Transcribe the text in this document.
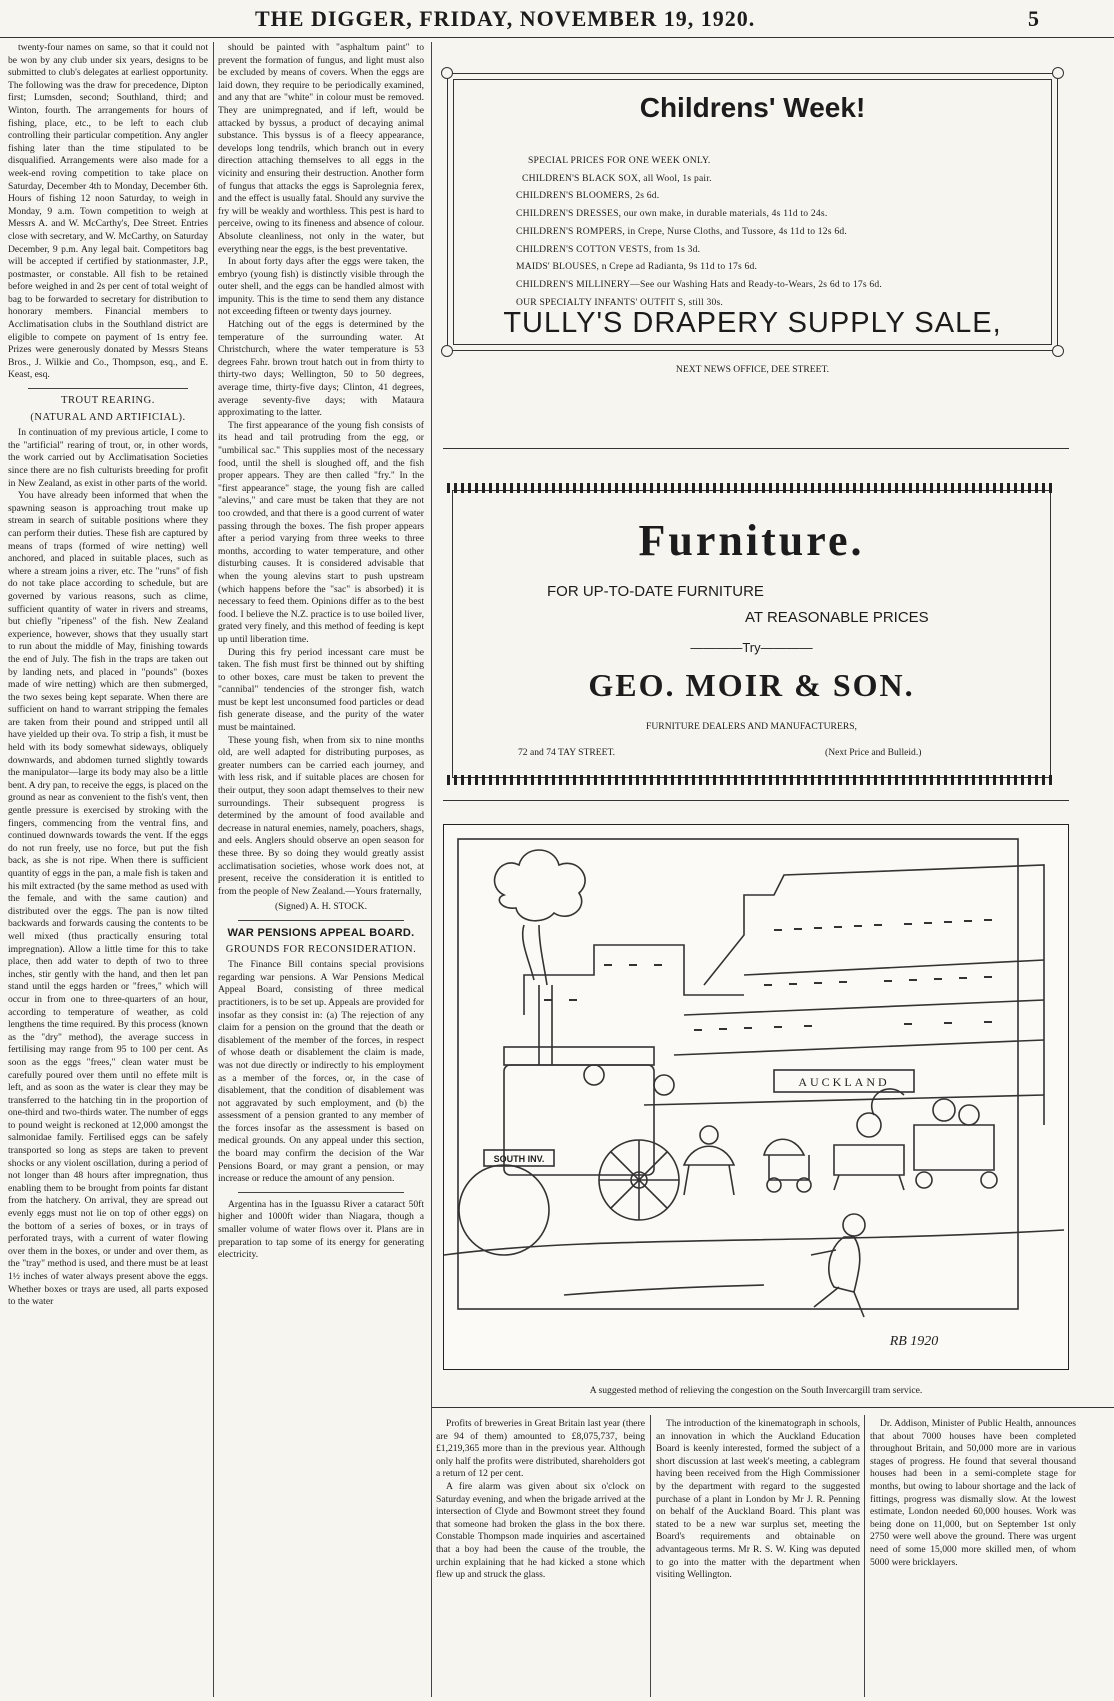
THE DIGGER, FRIDAY, NOVEMBER 19, 1920.	5

twenty-four names on same, so that it could not be won by any club under six years, designs to be submitted to club's delegates at earliest opportunity. The following was the draw for precedence, Dipton first; Lumsden, second; Southland, third; and Winton, fourth. The arrangements for hours of fishing, place, etc., to be left to each club controlling their particular competition. Any angler fishing later than the time stipulated to be disqualified. Arrangements were also made for a week-end roving competition to take place on Saturday, December 4th to Monday, December 6th. Hours of fishing 12 noon Saturday, to weigh in Monday, 9 a.m. Town competition to weigh at Messrs A. and W. McCarthy's, Dee Street. Entries close with secretary, and W. McCarthy, on Saturday December, 9 p.m. Any legal bait. Competitors bag will be accepted if certified by stationmaster, J.P., postmaster, or constable. All fish to be retained before weighed in and 2s per cent of total weight of bag to be forwarded to secretary for distribution to honorary members. Financial members to Acclimatisation clubs in the Southland district are eligible to compete on payment of 1s entry fee. Prizes were generously donated by Messrs Steans Bros., J. Wilkie and Co., Thompson, esq., and E. Keast, esq.

TROUT REARING.
(NATURAL AND ARTIFICIAL).

In continuation of my previous article, I come to the "artificial" rearing of trout, or, in other words, the work carried out by Acclimatisation Societies since there are no fish culturists breeding for profit in New Zealand, as exist in other parts of the world.

You have already been informed that when the spawning season is approaching trout make up stream in search of suitable positions where they can perform their duties. These fish are captured by means of traps (formed of wire netting) well anchored, and placed in suitable places, such as where a stream joins a river, etc. The "runs" of fish do not take place according to schedule, but are governed by various reasons, such as clime, sufficient quantity of water in rivers and streams, but chiefly "ripeness" of the fish. New Zealand experience, however, shows that they usually start to run about the middle of May, finishing towards the end of July. The fish in the traps are taken out by landing nets, and placed in "pounds" (boxes made of wire netting) which are then submerged, the two sexes being kept separate. When there are sufficient on hand to warrant stripping the females are taken from their pound and stripped until all have yielded up their ova. To strip a fish, it must be held with its body somewhat sideways, obliquely downwards, and abdomen turned slightly towards the manipulator—large its body may also be a little bent. A dry pan, to receive the eggs, is placed on the ground as near as convenient to the fish's vent, then gentle pressure is exercised by stroking with the fingers, commencing from the ventral fins, and continued downwards towards the vent. If the eggs do not run freely, use no force, but put the fish back, as she is not ripe. When there is sufficient quantity of eggs in the pan, a male fish is taken and his milt extracted (by the same method as used with the female, and with the same caution) and distributed over the eggs. The pan is now tilted backwards and forwards causing the contents to be well mixed (thus practically ensuring total impregnation). Allow a little time for this to take place, then add water to depth of two to three inches, stir gently with the hand, and then let pan stand until the eggs harden or "frees," which will occur in from one to three-quarters of an hour, according to temperature of weather, as cold lengthens the time required. By this process (known as the "dry" method), the average success in fertilising may range from 95 to 100 per cent. As soon as the eggs "frees," clean water must be carefully poured over them until no effete milt is left, and as soon as the water is clear they may be transferred to the hatching tin in the proportion of one-third and two-thirds water. The number of eggs to pound weight is reckoned at 12,000 amongst the salmonidae family. Fertilised eggs can be safely transported so long as steps are taken to prevent shocks or any violent oscillation, during a period of not longer than 48 hours after impregnation, thus enabling them to be brought from points far distant from the hatchery. On arrival, they are spread out evenly eggs must not lie on top of other eggs) on the bottom of a series of boxes, or in trays of perforated trays, with a current of water flowing over them in the boxes, or under and over them, as the "tray" method is used, and there must be at least 1½ inches of water always present above the eggs. Whether boxes or trays are used, all parts exposed to the water

should be painted with "asphaltum paint" to prevent the formation of fungus, and light must also be excluded by means of covers. When the eggs are laid down, they require to be periodically examined, and any that are "white" in colour must be removed. They are unimpregnated, and if left, would be attacked by byssus, a product of decaying animal substance. This byssus is of a fleecy appearance, develops long tendrils, which branch out in every direction attaching themselves to all eggs in the vicinity and ensuring their destruction. Another form of fungus that attacks the eggs is Saprolegnia ferex, and the effect is usually fatal. Should any survive the fry will be weakly and worthless. This pest is hard to perceive, owing to its fineness and absence of colour. Absolute cleanliness, not only in the water, but everything near the eggs, is the best preventative.

In about forty days after the eggs were taken, the embryo (young fish) is distinctly visible through the outer shell, and the eggs can be handled almost with impunity. This is the time to send them any distance not exceeding fifteen or twenty days journey.

Hatching out of the eggs is determined by the temperature of the surrounding water. At Christchurch, where the water temperature is 53 degrees Fahr. brown trout hatch out in from thirty to thirty-two days; Wellington, 50 to 50 degrees, average time, thirty-five days; Clinton, 41 degrees, average seventy-five days; with Mataura approximating to the latter.

The first appearance of the young fish consists of its head and tail protruding from the egg, or "umbilical sac." This supplies most of the necessary food, until the shell is sloughed off, and the fish proper appears. They are then called "fry." In the "first appearance" stage, the young fish are called "alevins," and care must be taken that they are not too crowded, and that there is a good current of water passing through the boxes. The fish proper appears after a period varying from three weeks to three months, according to water temperature, and other disturbing causes. It is considered advisable that when the young alevins start to push upstream (which happens before the "sac" is absorbed) it is necessary to feed them. Opinions differ as to the best food. I believe the N.Z. practice is to use boiled liver, grated very finely, and this method of feeding is kept up until liberation time.

During this fry period incessant care must be taken. The fish must first be thinned out by shifting to other boxes, care must be taken to prevent the "cannibal" tendencies of the stronger fish, watch must be kept lest unconsumed food particles or dead fish generate disease, and the purity of the water must be maintained.

These young fish, when from six to nine months old, are well adapted for distributing purposes, as greater numbers can be carried each journey, and with less risk, and if suitable places are chosen for their output, they soon adapt themselves to their new surroundings. Their subsequent progress is determined by the amount of food available and decrease in natural enemies, namely, poachers, shags, and eels. Anglers should observe an open season for these three. By so doing they would greatly assist acclimatisation societies, whose work does not, at present, receive the consideration it is entitled to from the people of New Zealand.—Yours fraternally,

(Signed) A. H. STOCK.
WAR PENSIONS APPEAL BOARD.
GROUNDS FOR RECONSIDERATION.

The Finance Bill contains special provisions regarding war pensions. A War Pensions Medical Appeal Board, consisting of three medical practitioners, is to be set up. Appeals are provided for insofar as they consist in: (a) The rejection of any claim for a pension on the ground that the death or disablement of the member of the forces, in respect of whose death or disablement the claim is made, was not due directly or indirectly to his employment as a member of the forces, or, in the case of disablement, that the condition of disablement was not aggravated by such employment, and (b) the assessment of a pension granted to any member of the forces insofar as the assessment is based on medical grounds. On any appeal under this section, the board may confirm the decision of the War Pensions Board, or may grant a pension, or may increase or reduce the amount of any pension.

Argentina has in the Iguassu River a cataract 50ft higher and 1000ft wider than Niagara, though a smaller volume of water flows over it. Plans are in preparation to tap some of its energy for generating electricity.

Childrens' Week!
SPECIAL PRICES FOR ONE WEEK ONLY.
CHILDREN'S BLACK SOX, all Wool, 1s pair.
CHILDREN'S BLOOMERS, 2s 6d.
CHILDREN'S DRESSES, our own make, in durable materials, 4s 11d to 24s.
CHILDREN'S ROMPERS, in Crepe, Nurse Cloths, and Tussore, 4s 11d to 12s 6d.
CHILDREN'S COTTON VESTS, from 1s 3d.
MAIDS' BLOUSES, n Crepe ad Radianta, 9s 11d to 17s 6d.
CHILDREN'S MILLINERY—See our Washing Hats and Ready-to-Wears, 2s 6d to 17s 6d.
OUR SPECIALTY INFANTS' OUTFIT S, still 30s.
TULLY'S DRAPERY SUPPLY SALE,
NEXT NEWS OFFICE, DEE STREET.
Furniture.
FOR UP-TO-DATE FURNITURE
AT REASONABLE PRICES
————Try————
GEO. MOIR & SON.
FURNITURE DEALERS AND MANUFACTURERS,
72 and 74 TAY STREET.	(Next Price and Bulleid.)
SOUTH INV.
AUCKLAND
RB 1920
A suggested method of relieving the congestion on the South Invercargill tram service.

Profits of breweries in Great Britain last year (there are 94 of them) amounted to £8,075,737, being £1,219,365 more than in the previous year. Although only half the profits were distributed, shareholders got a return of 12 per cent.

A fire alarm was given about six o'clock on Saturday evening, and when the brigade arrived at the intersection of Clyde and Bowmont street they found that someone had broken the glass in the box there. Constable Thompson made inquiries and ascertained that a boy had been the cause of the trouble, the urchin explaining that he had kicked a stone which flew up and struck the glass.

The introduction of the kinematograph in schools, an innovation in which the Auckland Education Board is keenly interested, formed the subject of a short discussion at last week's meeting, a cablegram having been received from the High Commissioner by the department with regard to the suggested purchase of a plant in London by Mr J. R. Penning on behalf of the Auckland Board. This plant was stated to be a new war surplus set, meeting the Board's requirements and obtainable on advantageous terms. Mr R. S. W. King was deputed to go into the matter with the department when visiting Wellington.

Dr. Addison, Minister of Public Health, announces that about 7000 houses have been completed throughout Britain, and 50,000 more are in various stages of progress. He found that several thousand houses had been in a semi-complete stage for months, but owing to labour shortage and the lack of fittings, progress was dismally slow. At the lowest estimate, London needed 60,000 houses. Work was being done on 11,000, but on September 1st only 2750 were well above the ground. There was urgent need of some 15,000 more skilled men, of whom 5000 were bricklayers.
